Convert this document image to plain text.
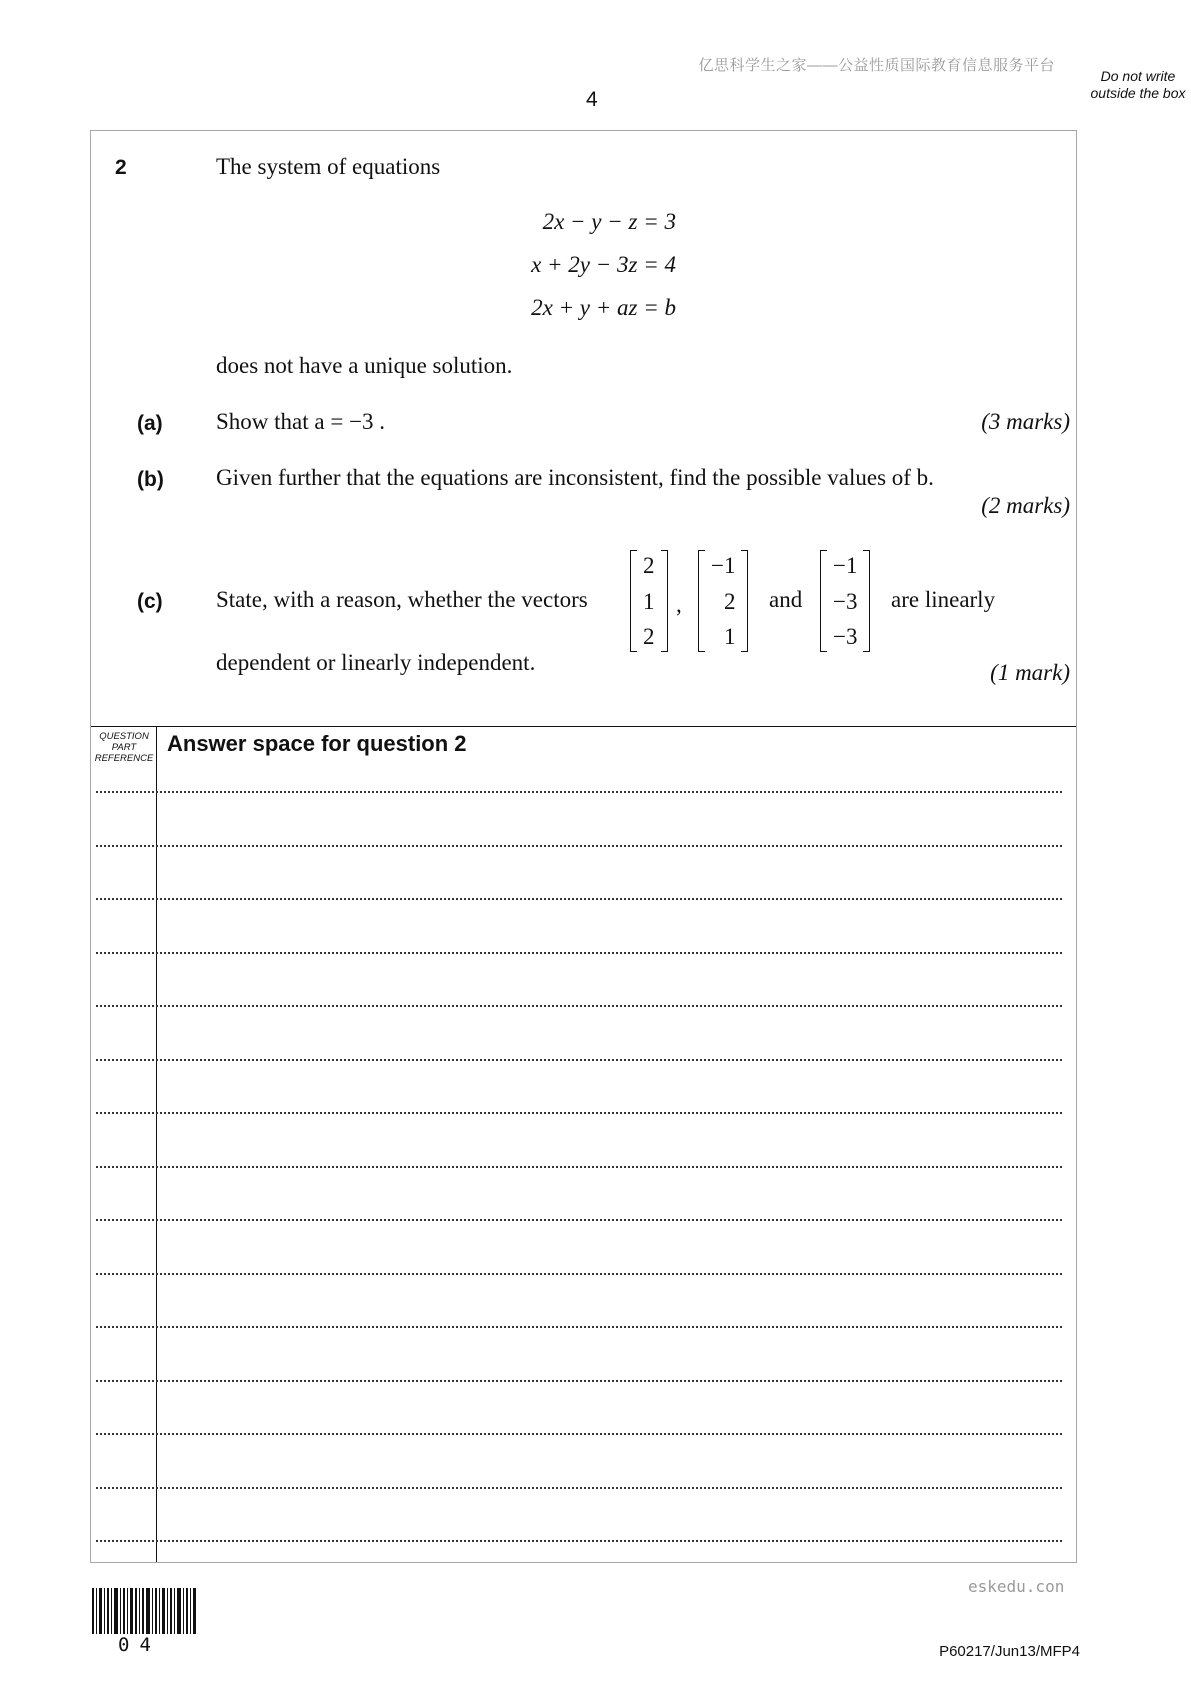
亿思科学生之家——公益性质国际教育信息服务平台
4
Do not write outside the box
2	The system of equations
2x − y − z = 3
x + 2y − 3z = 4
2x + y + az = b
does not have a unique solution.
(a) Show that a = −3 .	(3 marks)
(b) Given further that the equations are inconsistent, find the possible values of b.
(2 marks)
(c) State, with a reason, whether the vectors
2
1
2
,
−1
2
1
and
−1
−3
−3
are linearly
dependent or linearly independent.	(1 mark)
QUESTION PART REFERENCE
Answer space for question 2
04
eskedu.con
P60217/Jun13/MFP4
